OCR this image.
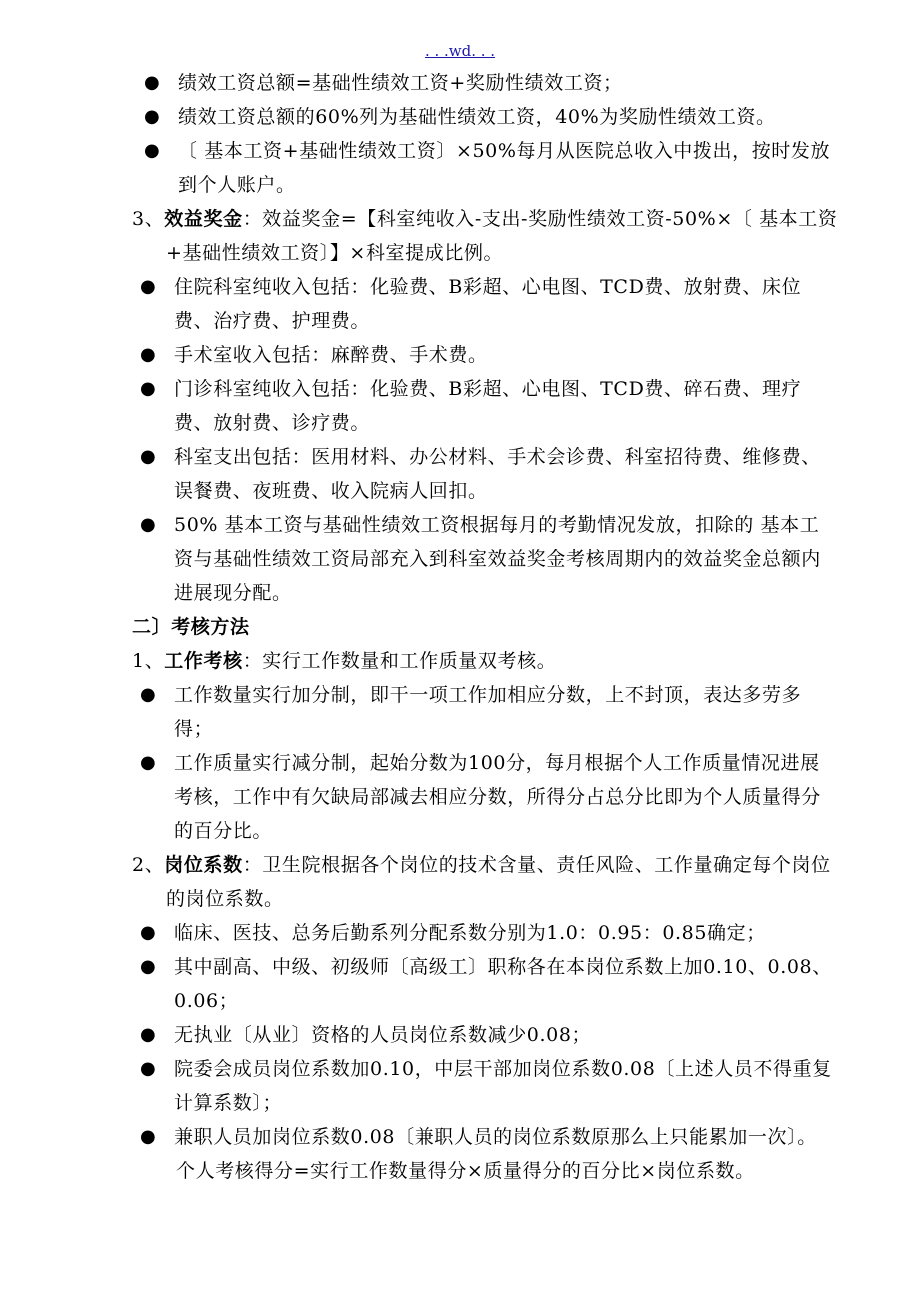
. . .wd. . .
● 绩效工资总额=基础性绩效工资+奖励性绩效工资；
● 绩效工资总额的60%列为基础性绩效工资，40%为奖励性绩效工资。
● 〔 基本工资+基础性绩效工资〕×50%每月从医院总收入中拨出，按时发放到个人账户。
3、效益奖金：效益奖金=【科室纯收入-支出-奖励性绩效工资-50%×〔 基本工资+基础性绩效工资〕】×科室提成比例。
● 住院科室纯收入包括：化验费、B彩超、心电图、TCD费、放射费、床位费、治疗费、护理费。
● 手术室收入包括：麻醉费、手术费。
● 门诊科室纯收入包括：化验费、B彩超、心电图、TCD费、碎石费、理疗费、放射费、诊疗费。
● 科室支出包括：医用材料、办公材料、手术会诊费、科室招待费、维修费、误餐费、夜班费、收入院病人回扣。
● 50% 基本工资与基础性绩效工资根据每月的考勤情况发放，扣除的 基本工资与基础性绩效工资局部充入到科室效益奖金考核周期内的效益奖金总额内进展现分配。
二〕考核方法
1、工作考核：实行工作数量和工作质量双考核。
● 工作数量实行加分制，即干一项工作加相应分数，上不封顶，表达多劳多得；
● 工作质量实行减分制，起始分数为100分，每月根据个人工作质量情况进展考核，工作中有欠缺局部减去相应分数，所得分占总分比即为个人质量得分的百分比。
2、岗位系数：卫生院根据各个岗位的技术含量、责任风险、工作量确定每个岗位的岗位系数。
● 临床、医技、总务后勤系列分配系数分别为1.0：0.95：0.85确定；
● 其中副高、中级、初级师〔高级工〕职称各在本岗位系数上加0.10、0.08、0.06；
● 无执业〔从业〕资格的人员岗位系数减少0.08；
● 院委会成员岗位系数加0.10，中层干部加岗位系数0.08〔上述人员不得重复计算系数〕；
● 兼职人员加岗位系数0.08〔兼职人员的岗位系数原那么上只能累加一次〕。
个人考核得分=实行工作数量得分×质量得分的百分比×岗位系数。
